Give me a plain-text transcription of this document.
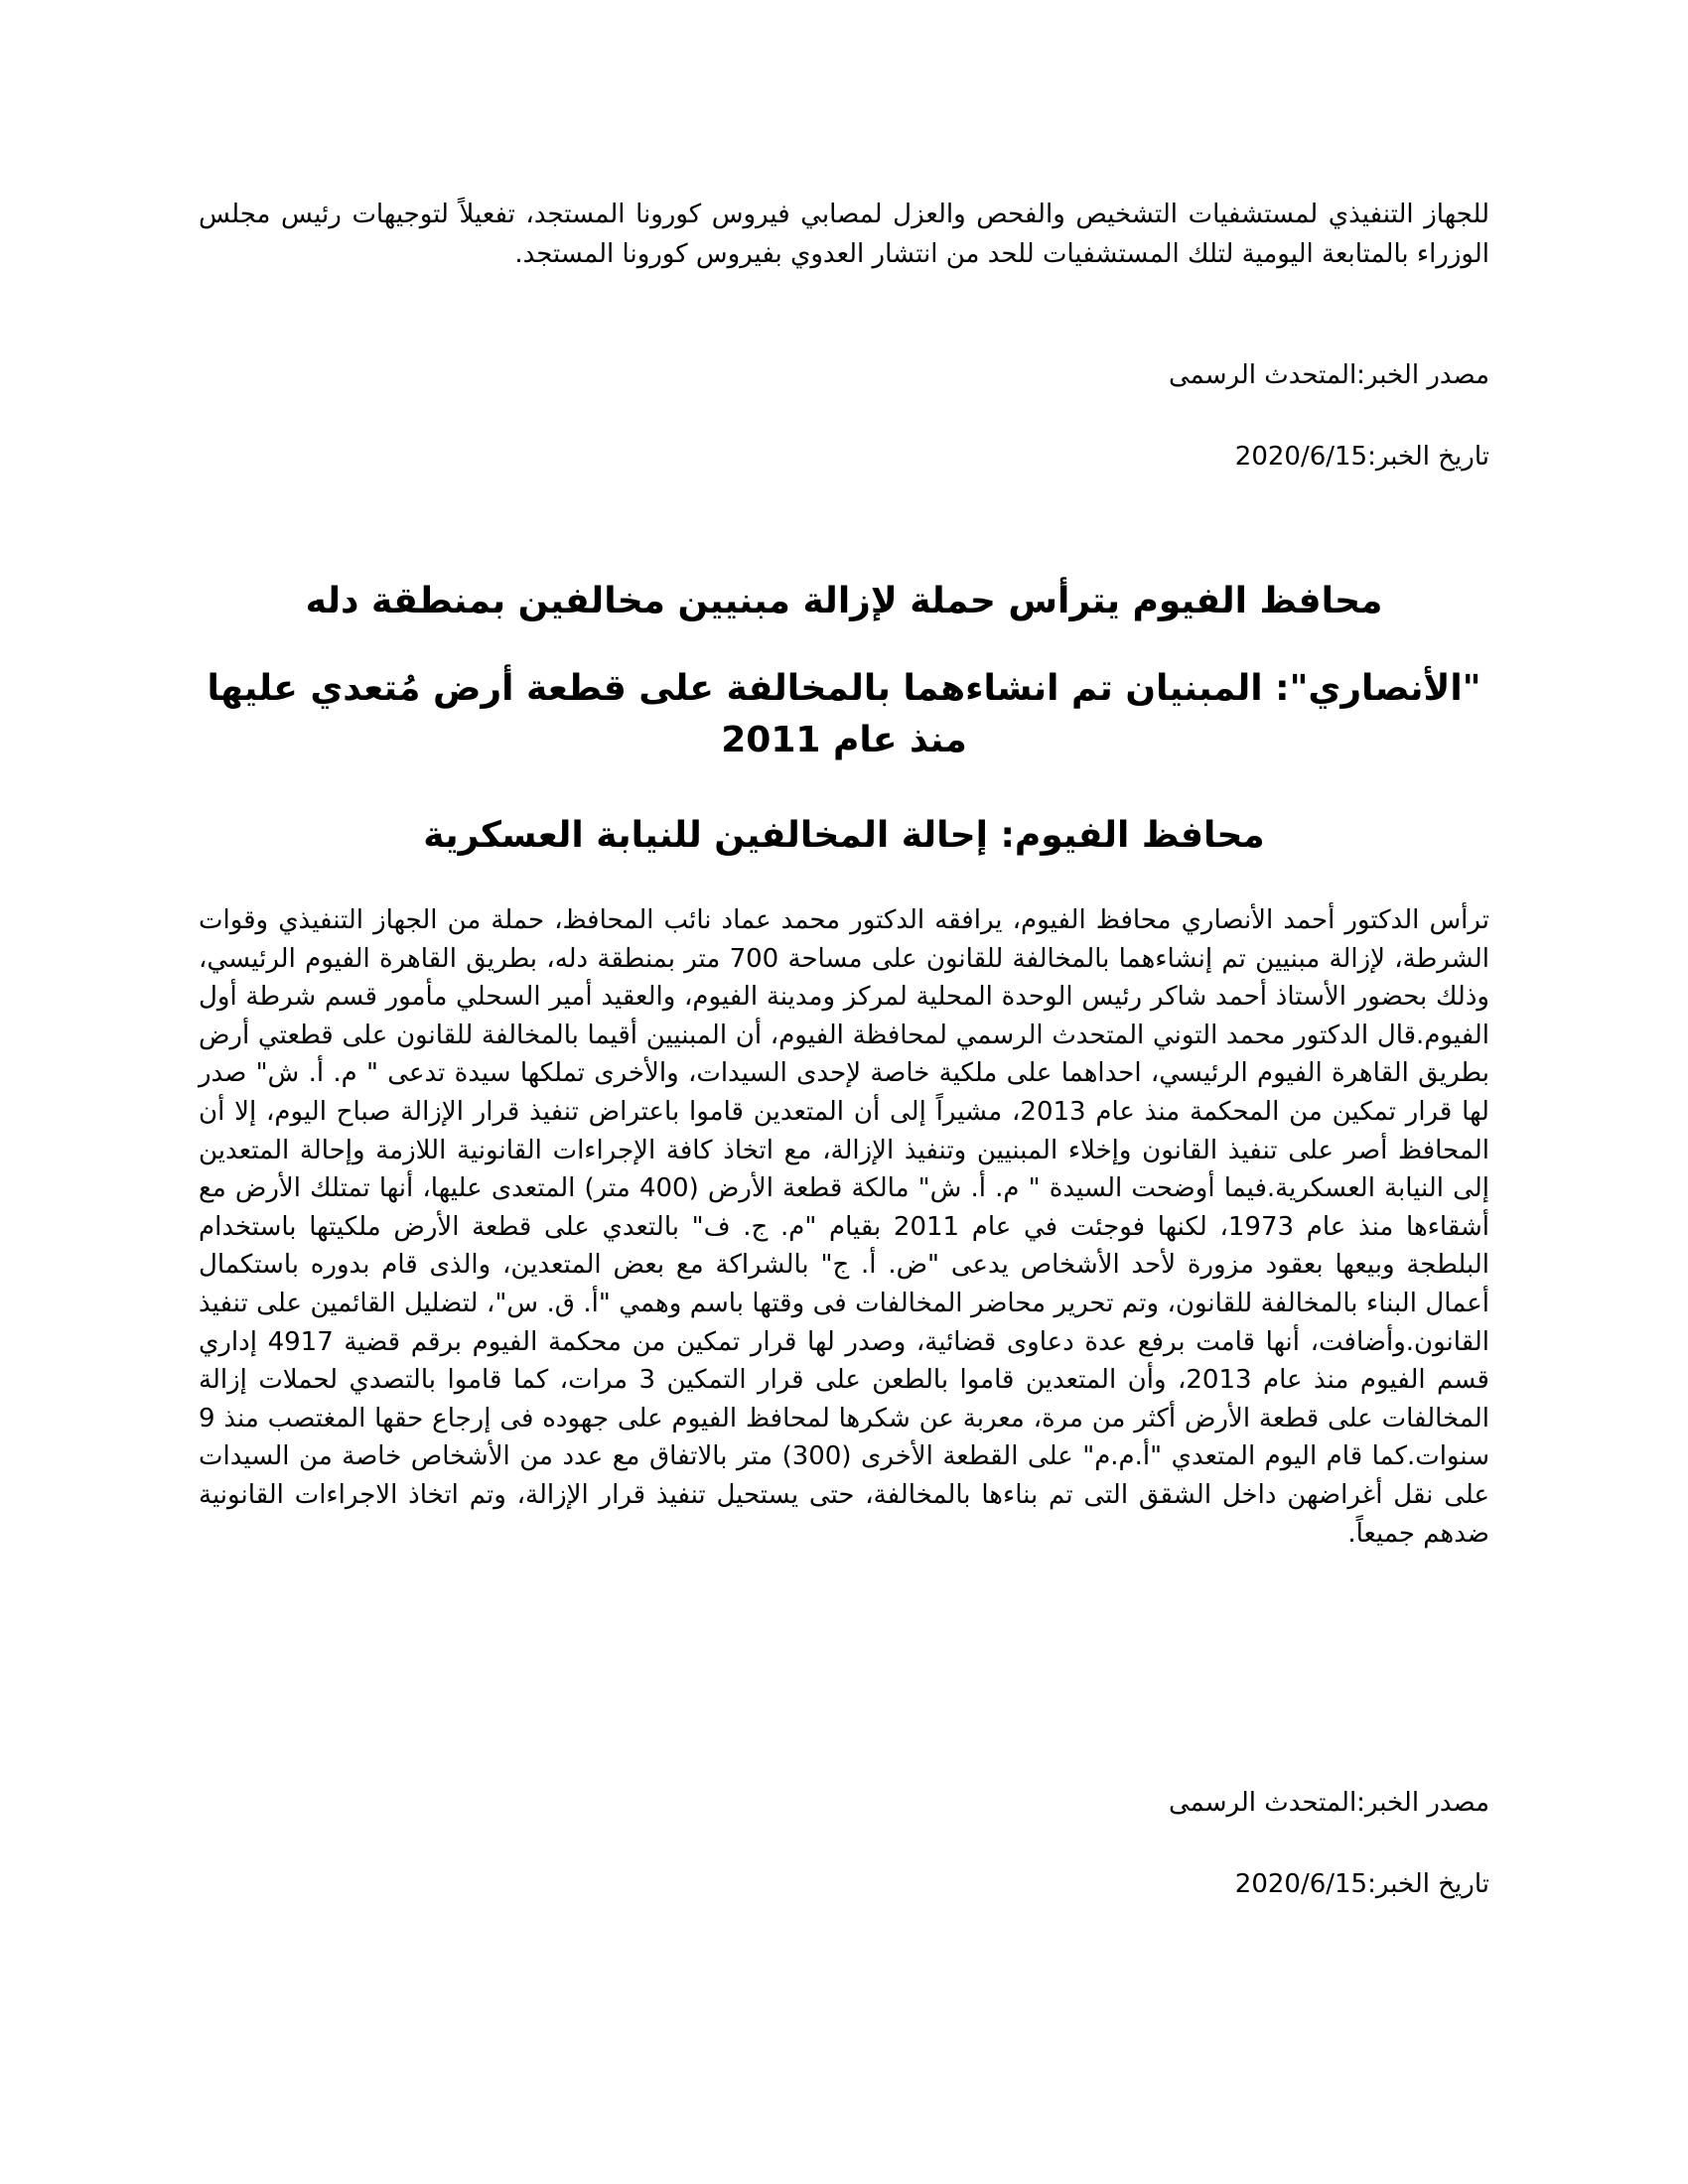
للجهاز التنفيذي لمستشفيات التشخيص والفحص والعزل لمصابي فيروس كورونا المستجد، تفعيلاً لتوجيهات رئيس مجلس الوزراء بالمتابعة اليومية لتلك المستشفيات للحد من انتشار العدوي بفيروس كورونا المستجد.

مصدر الخبر:المتحدث الرسمى
تاريخ الخبر:2020/6/15
محافظ الفيوم يترأس حملة لإزالة مبنيين مخالفين بمنطقة دله
"الأنصاري": المبنيان تم انشاءهما بالمخالفة على قطعة أرض مُتعدي عليها منذ عام 2011
محافظ الفيوم: إحالة المخالفين للنيابة العسكرية

ترأس الدكتور أحمد الأنصاري محافظ الفيوم، يرافقه الدكتور محمد عماد نائب المحافظ، حملة من الجهاز التنفيذي وقوات الشرطة، لإزالة مبنيين تم إنشاءهما بالمخالفة للقانون على مساحة 700 متر بمنطقة دله، بطريق القاهرة الفيوم الرئيسي، وذلك بحضور الأستاذ أحمد شاكر رئيس الوحدة المحلية لمركز ومدينة الفيوم، والعقيد أمير السحلي مأمور قسم شرطة أول الفيوم.قال الدكتور محمد التوني المتحدث الرسمي لمحافظة الفيوم، أن المبنيين أقيما بالمخالفة للقانون على قطعتي أرض بطريق القاهرة الفيوم الرئيسي، احداهما على ملكية خاصة لإحدى السيدات، والأخرى تملكها سيدة تدعى " م. أ. ش" صدر لها قرار تمكين من المحكمة منذ عام 2013، مشيراً إلى أن المتعدين قاموا باعتراض تنفيذ قرار الإزالة صباح اليوم، إلا أن المحافظ أصر على تنفيذ القانون وإخلاء المبنيين وتنفيذ الإزالة، مع اتخاذ كافة الإجراءات القانونية اللازمة وإحالة المتعدين إلى النيابة العسكرية.فيما أوضحت السيدة " م. أ. ش" مالكة قطعة الأرض (400 متر) المتعدى عليها، أنها تمتلك الأرض مع أشقاءها منذ عام 1973، لكنها فوجئت في عام 2011 بقيام "م. ج. ف" بالتعدي على قطعة الأرض ملكيتها باستخدام البلطجة وبيعها بعقود مزورة لأحد الأشخاص يدعى "ض. أ. ج" بالشراكة مع بعض المتعدين، والذى قام بدوره باستكمال أعمال البناء بالمخالفة للقانون، وتم تحرير محاضر المخالفات فى وقتها باسم وهمي "أ. ق. س"، لتضليل القائمين على تنفيذ القانون.وأضافت، أنها قامت برفع عدة دعاوى قضائية، وصدر لها قرار تمكين من محكمة الفيوم برقم قضية 4917 إداري قسم الفيوم منذ عام 2013، وأن المتعدين قاموا بالطعن على قرار التمكين 3 مرات، كما قاموا بالتصدي لحملات إزالة المخالفات على قطعة الأرض أكثر من مرة، معربة عن شكرها لمحافظ الفيوم على جهوده فى إرجاع حقها المغتصب منذ 9 سنوات.كما قام اليوم المتعدي "أ.م.م" على القطعة الأخرى (300) متر بالاتفاق مع عدد من الأشخاص خاصة من السيدات على نقل أغراضهن داخل الشقق التى تم بناءها بالمخالفة، حتى يستحيل تنفيذ قرار الإزالة، وتم اتخاذ الاجراءات القانونية ضدهم جميعاً.

مصدر الخبر:المتحدث الرسمى
تاريخ الخبر:2020/6/15
